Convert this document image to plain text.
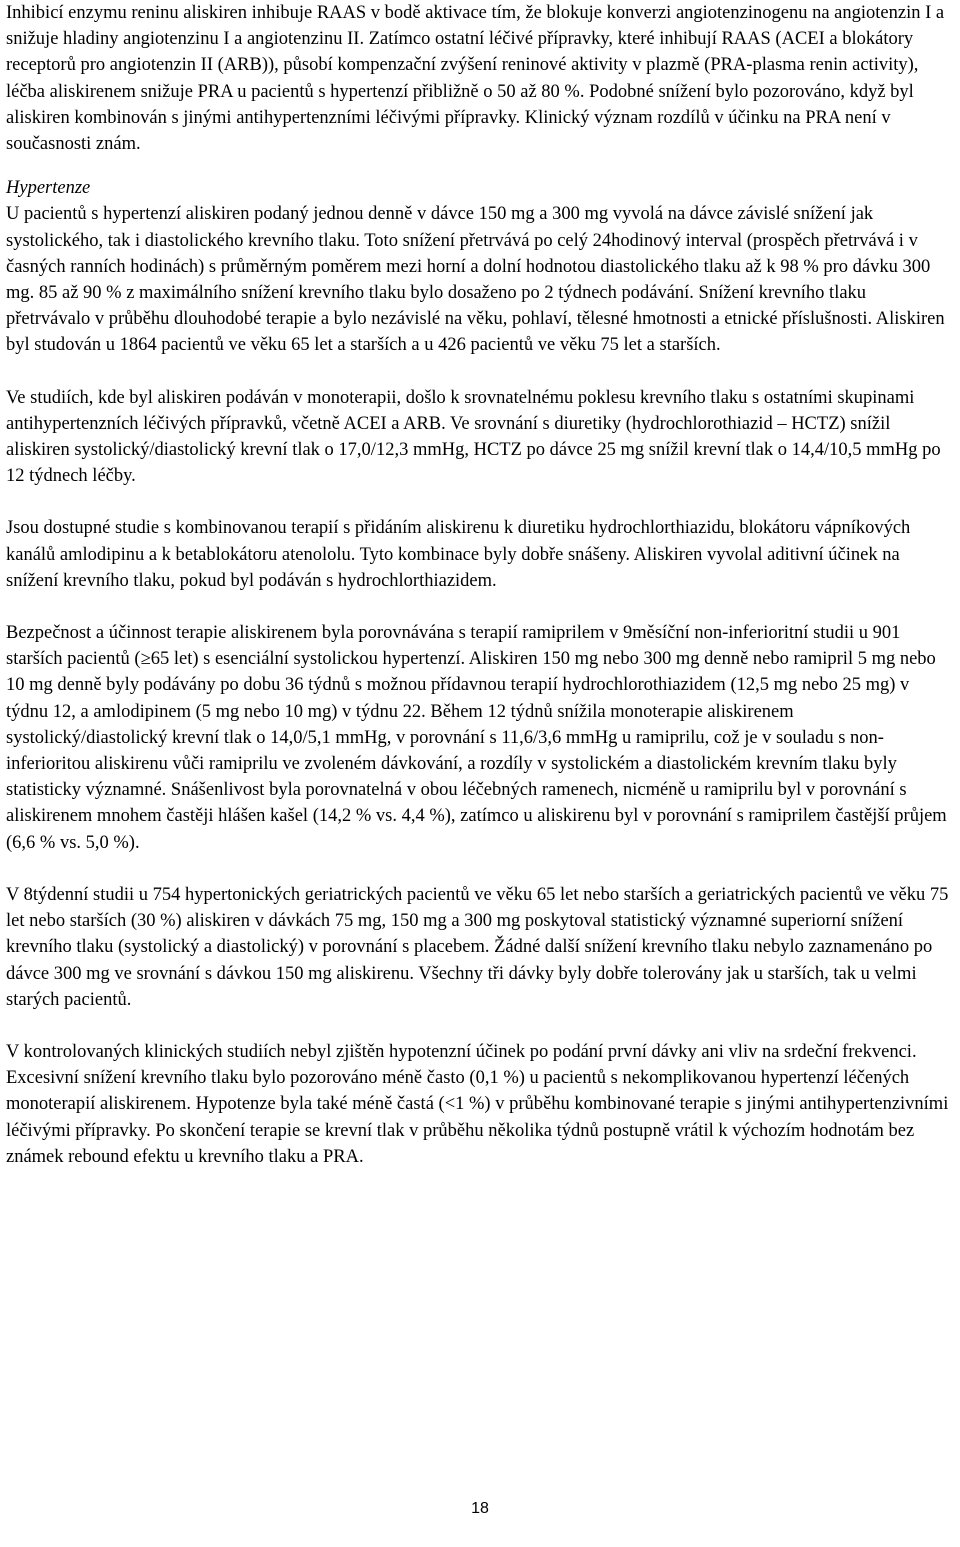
Inhibicí enzymu reninu aliskiren inhibuje RAAS v bodě aktivace tím, že blokuje konverzi angiotenzinogenu na angiotenzin I a snižuje hladiny angiotenzinu I a angiotenzinu II. Zatímco ostatní léčivé přípravky, které inhibují RAAS (ACEI a blokátory receptorů pro angiotenzin II (ARB)), působí kompenzační zvýšení reninové aktivity v plazmě (PRA-plasma renin activity), léčba aliskirenem snižuje PRA u pacientů s hypertenzí přibližně o 50 až 80 %. Podobné snížení bylo pozorováno, když byl aliskiren kombinován s jinými antihypertenzními léčivými přípravky. Klinický význam rozdílů v účinku na PRA není v současnosti znám.

Hypertenze

U pacientů s hypertenzí aliskiren podaný jednou denně v dávce 150 mg a 300 mg vyvolá na dávce závislé snížení jak systolického, tak i diastolického krevního tlaku. Toto snížení přetrvává po celý 24hodinový interval (prospěch přetrvává i v časných ranních hodinách) s průměrným poměrem mezi horní a dolní hodnotou diastolického tlaku až k 98 % pro dávku 300 mg. 85 až 90 % z maximálního snížení krevního tlaku bylo dosaženo po 2 týdnech podávání. Snížení krevního tlaku přetrvávalo v průběhu dlouhodobé terapie a bylo nezávislé na věku, pohlaví, tělesné hmotnosti a etnické příslušnosti. Aliskiren byl studován u 1864 pacientů ve věku 65 let a starších a u 426 pacientů ve věku 75 let a starších.

Ve studiích, kde byl aliskiren podáván v monoterapii, došlo k srovnatelnému poklesu krevního tlaku s ostatními skupinami antihypertenzních léčivých přípravků, včetně ACEI a ARB. Ve srovnání s diuretiky (hydrochlorothiazid – HCTZ) snížil aliskiren systolický/diastolický krevní tlak o 17,0/12,3 mmHg, HCTZ po dávce 25 mg snížil krevní tlak o 14,4/10,5 mmHg po 12 týdnech léčby.

Jsou dostupné studie s kombinovanou terapií s přidáním aliskirenu k diuretiku hydrochlorthiazidu, blokátoru vápníkových kanálů amlodipinu a k betablokátoru atenololu. Tyto kombinace byly dobře snášeny. Aliskiren vyvolal aditivní účinek na snížení krevního tlaku, pokud byl podáván s hydrochlorthiazidem.

Bezpečnost a účinnost terapie aliskirenem byla porovnávána s terapií ramiprilem v 9měsíční non-inferioritní studii u 901 starších pacientů (≥65 let) s esenciální systolickou hypertenzí. Aliskiren 150 mg nebo 300 mg denně nebo ramipril 5 mg nebo 10 mg denně byly podávány po dobu 36 týdnů s možnou přídavnou terapií hydrochlorothiazidem (12,5 mg nebo 25 mg) v týdnu 12, a amlodipinem (5 mg nebo 10 mg) v týdnu 22. Během 12 týdnů snížila monoterapie aliskirenem systolický/diastolický krevní tlak o 14,0/5,1 mmHg, v porovnání s 11,6/3,6 mmHg u ramiprilu, což je v souladu s non-inferioritou aliskirenu vůči ramiprilu ve zvoleném dávkování, a rozdíly v systolickém a diastolickém krevním tlaku byly statisticky významné. Snášenlivost byla porovnatelná v obou léčebných ramenech, nicméně u ramiprilu byl v porovnání s aliskirenem mnohem častěji hlášen kašel (14,2 % vs. 4,4 %), zatímco u aliskirenu byl v porovnání s ramiprilem častější průjem (6,6 % vs. 5,0 %).

V 8týdenní studii u 754 hypertonických geriatrických pacientů ve věku 65 let nebo starších a geriatrických pacientů ve věku 75 let nebo starších (30 %) aliskiren v dávkách 75 mg, 150 mg a 300 mg poskytoval statistický významné superiorní snížení krevního tlaku (systolický a diastolický) v porovnání s placebem. Žádné další snížení krevního tlaku nebylo zaznamenáno po dávce 300 mg ve srovnání s dávkou 150 mg aliskirenu. Všechny tři dávky byly dobře tolerovány jak u starších, tak u velmi starých pacientů.

V kontrolovaných klinických studiích nebyl zjištěn hypotenzní účinek po podání první dávky ani vliv na srdeční frekvenci. Excesivní snížení krevního tlaku bylo pozorováno méně často (0,1 %) u pacientů s nekomplikovanou hypertenzí léčených monoterapií aliskirenem. Hypotenze byla také méně častá (<1 %) v průběhu kombinované terapie s jinými antihypertenzivními léčivými přípravky. Po skončení terapie se krevní tlak v průběhu několika týdnů postupně vrátil k výchozím hodnotám bez známek rebound efektu u krevního tlaku a PRA.

18
